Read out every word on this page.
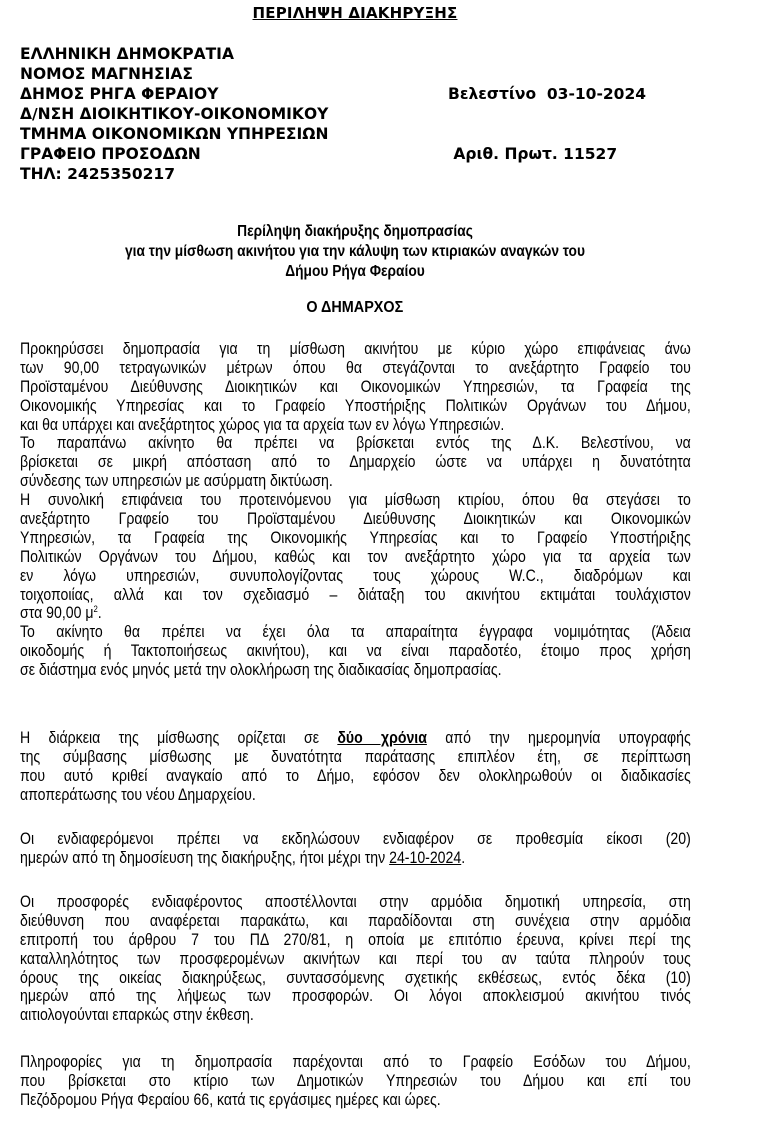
ΠΕΡΙΛΗΨΗ ΔΙΑΚΗΡΥΞΗΣ
ΕΛΛΗΝΙΚΗ ΔΗΜΟΚΡΑΤΙΑ
ΝΟΜΟΣ ΜΑΓΝΗΣΙΑΣ
ΔΗΜΟΣ ΡΗΓΑ ΦΕΡΑΙΟΥ
Δ/ΝΣΗ ΔΙΟΙΚΗΤΙΚΟΥ-ΟΙΚΟΝΟΜΙΚΟΥ
ΤΜΗΜΑ ΟΙΚΟΝΟΜΙΚΩΝ ΥΠΗΡΕΣΙΩΝ
ΓΡΑΦΕΙΟ ΠΡΟΣΟΔΩΝ
ΤΗΛ: 2425350217

Βελεστίνο  03-10-2024

Αριθ. Πρωτ. 11527

Περίληψη διακήρυξης δημοπρασίας
για την μίσθωση ακινήτου για την κάλυψη των κτιριακών αναγκών του
Δήμου Ρήγα Φεραίου
Ο ΔΗΜΑΡΧΟΣ
Προκηρύσσει δημοπρασία για τη μίσθωση ακινήτου με κύριο χώρο επιφάνειας άνω
των 90,00 τετραγωνικών μέτρων όπου θα στεγάζονται το ανεξάρτητο Γραφείο του
Προϊσταμένου Διεύθυνσης Διοικητικών και Οικονομικών Υπηρεσιών, τα Γραφεία της
Οικονομικής Υπηρεσίας και το Γραφείο Υποστήριξης Πολιτικών Οργάνων του Δήμου,
και θα υπάρχει και ανεξάρτητος χώρος για τα αρχεία των εν λόγω Υπηρεσιών.
Το παραπάνω ακίνητο θα πρέπει να βρίσκεται εντός της Δ.Κ. Βελεστίνου, να
βρίσκεται σε μικρή απόσταση από το Δημαρχείο ώστε να υπάρχει η δυνατότητα
σύνδεσης των υπηρεσιών με ασύρματη δικτύωση.
Η συνολική επιφάνεια του προτεινόμενου για μίσθωση κτιρίου, όπου θα στεγάσει το
ανεξάρτητο Γραφείο του Προϊσταμένου Διεύθυνσης Διοικητικών και Οικονομικών
Υπηρεσιών, τα Γραφεία της Οικονομικής Υπηρεσίας και το Γραφείο Υποστήριξης
Πολιτικών Οργάνων του Δήμου, καθώς και τον ανεξάρτητο χώρο για τα αρχεία των
εν λόγω υπηρεσιών, συνυπολογίζοντας τους χώρους W.C., διαδρόμων και
τοιχοποιίας, αλλά και τον σχεδιασμό – διάταξη του ακινήτου εκτιμάται τουλάχιστον
στα 90,00 $\mu^2$.
Το ακίνητο θα πρέπει να έχει όλα τα απαραίτητα έγγραφα νομιμότητας (Άδεια
οικοδομής ή Τακτοποιήσεως ακινήτου), και να είναι παραδοτέο, έτοιμο προς χρήση
σε διάστημα ενός μηνός μετά την ολοκλήρωση της διαδικασίας δημοπρασίας.
Η διάρκεια της μίσθωσης ορίζεται σε δύο χρόνια από την ημερομηνία υπογραφής
της σύμβασης μίσθωσης με δυνατότητα παράτασης επιπλέον έτη, σε περίπτωση
που αυτό κριθεί αναγκαίο από το Δήμο, εφόσον δεν ολοκληρωθούν οι διαδικασίες
αποπεράτωσης του νέου Δημαρχείου.
Οι ενδιαφερόμενοι πρέπει να εκδηλώσουν ενδιαφέρον σε προθεσμία είκοσι (20)
ημερών από τη δημοσίευση της διακήρυξης, ήτοι μέχρι την 24-10-2024.
Οι προσφορές ενδιαφέροντος αποστέλλονται στην αρμόδια δημοτική υπηρεσία, στη
διεύθυνση που αναφέρεται παρακάτω, και παραδίδονται στη συνέχεια στην αρμόδια
επιτροπή του άρθρου 7 του ΠΔ 270/81, η οποία με επιτόπιο έρευνα, κρίνει περί της
καταλληλότητος των προσφερομένων ακινήτων και περί του αν ταύτα πληρούν τους
όρους της οικείας διακηρύξεως, συντασσόμενης σχετικής εκθέσεως, εντός δέκα (10)
ημερών από της λήψεως των προσφορών. Οι λόγοι αποκλεισμού ακινήτου τινός
αιτιολογούνται επαρκώς στην έκθεση.
Πληροφορίες για τη δημοπρασία παρέχονται από το Γραφείο Εσόδων του Δήμου,
που βρίσκεται στο κτίριο των Δημοτικών Υπηρεσιών του Δήμου και επί του
Πεζόδρομου Ρήγα Φεραίου 66, κατά τις εργάσιμες ημέρες και ώρες.
